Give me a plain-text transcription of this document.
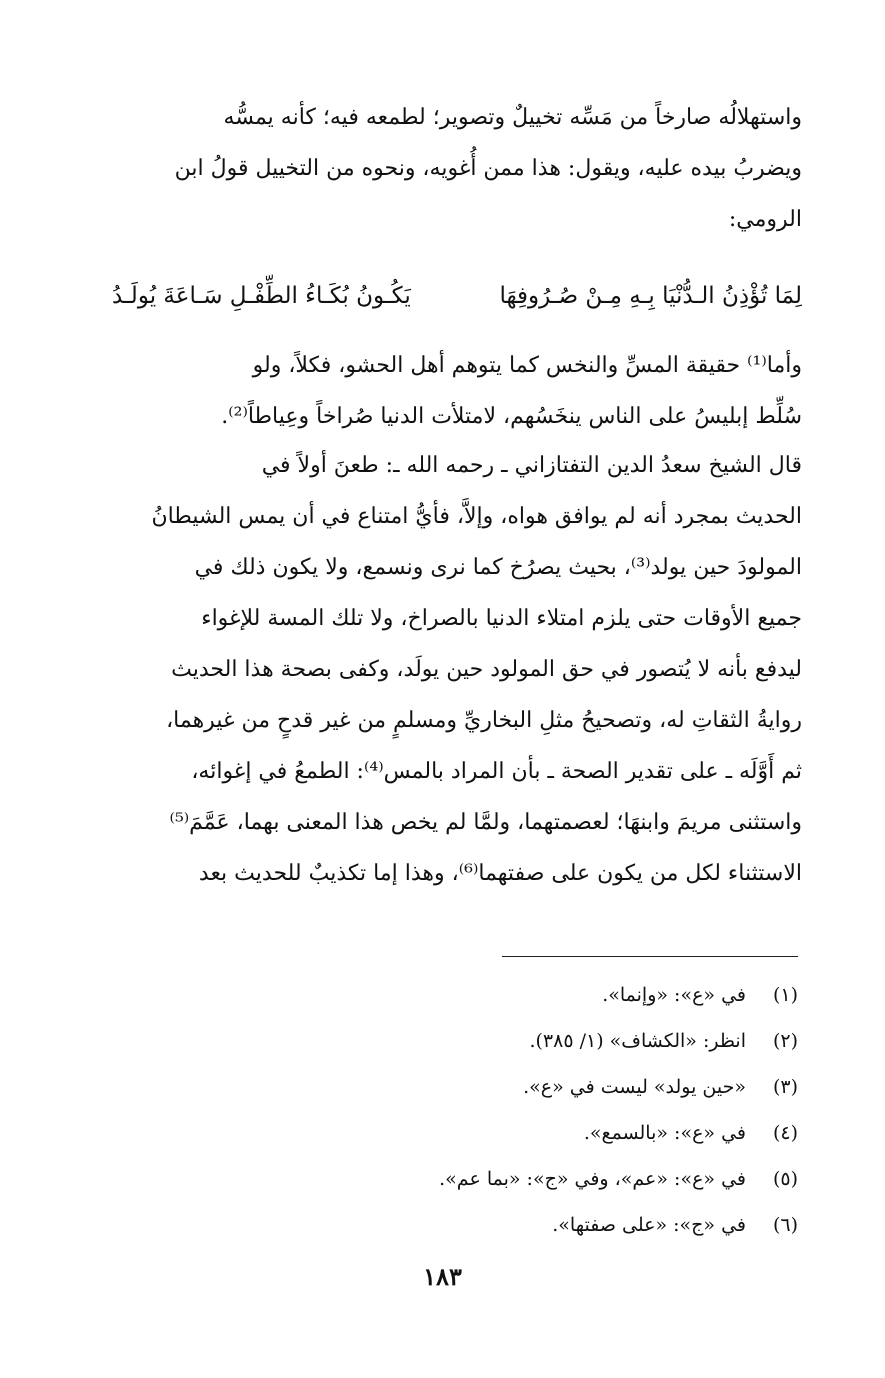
واستهلالُه صارخاً من مَسِّه تخييلٌ وتصوير؛ لطمعه فيه؛ كأنه يمسُّه
ويضربُ بيده عليه، ويقول: هذا ممن أُغويه، ونحوه من التخييل قولُ ابن
الرومي:
لِمَا تُؤْذِنُ الـدُّنْيَا بِـهِ مِـنْ صُـرُوفِهَا
يَكُـونُ بُكَـاءُ الطِّفْـلِ سَـاعَةَ يُولَـدُ
وأما⁽¹⁾ حقيقة المسِّ والنخس كما يتوهم أهل الحشو، فكلاً، ولو
سُلِّط إبليسُ على الناس ينخَسُهم، لامتلأت الدنيا صُراخاً وعِياطاً⁽²⁾.
قال الشيخ سعدُ الدين التفتازاني ـ رحمه الله ـ: طعنَ أولاً في
الحديث بمجرد أنه لم يوافق هواه، وإلاَّ، فأيُّ امتناع في أن يمس الشيطانُ
المولودَ حين يولد⁽³⁾، بحيث يصرُخ كما نرى ونسمع، ولا يكون ذلك في
جميع الأوقات حتى يلزم امتلاء الدنيا بالصراخ، ولا تلك المسة للإغواء
ليدفع بأنه لا يُتصور في حق المولود حين يولَد، وكفى بصحة هذا الحديث
روايةُ الثقاتِ له، وتصحيحُ مثلِ البخاريِّ ومسلمٍ من غير قدحٍ من غيرهما،
ثم أَوَّلَه ـ على تقدير الصحة ـ بأن المراد بالمس⁽⁴⁾: الطمعُ في إغوائه،
واستثنى مريمَ وابنهَا؛ لعصمتهما، ولمَّا لم يخص هذا المعنى بهما، عَمَّمَ⁽⁵⁾
الاستثناء لكل من يكون على صفتهما⁽⁶⁾، وهذا إما تكذيبٌ للحديث بعد
(١)في «ع»: «وإنما».
(٢)انظر: «الكشاف» (١/ ٣٨٥).
(٣)«حين يولد» ليست في «ع».
(٤)في «ع»: «بالسمع».
(٥)في «ع»: «عم»، وفي «ج»: «بما عم».
(٦)في «ج»: «على صفتها».
١٨٣
